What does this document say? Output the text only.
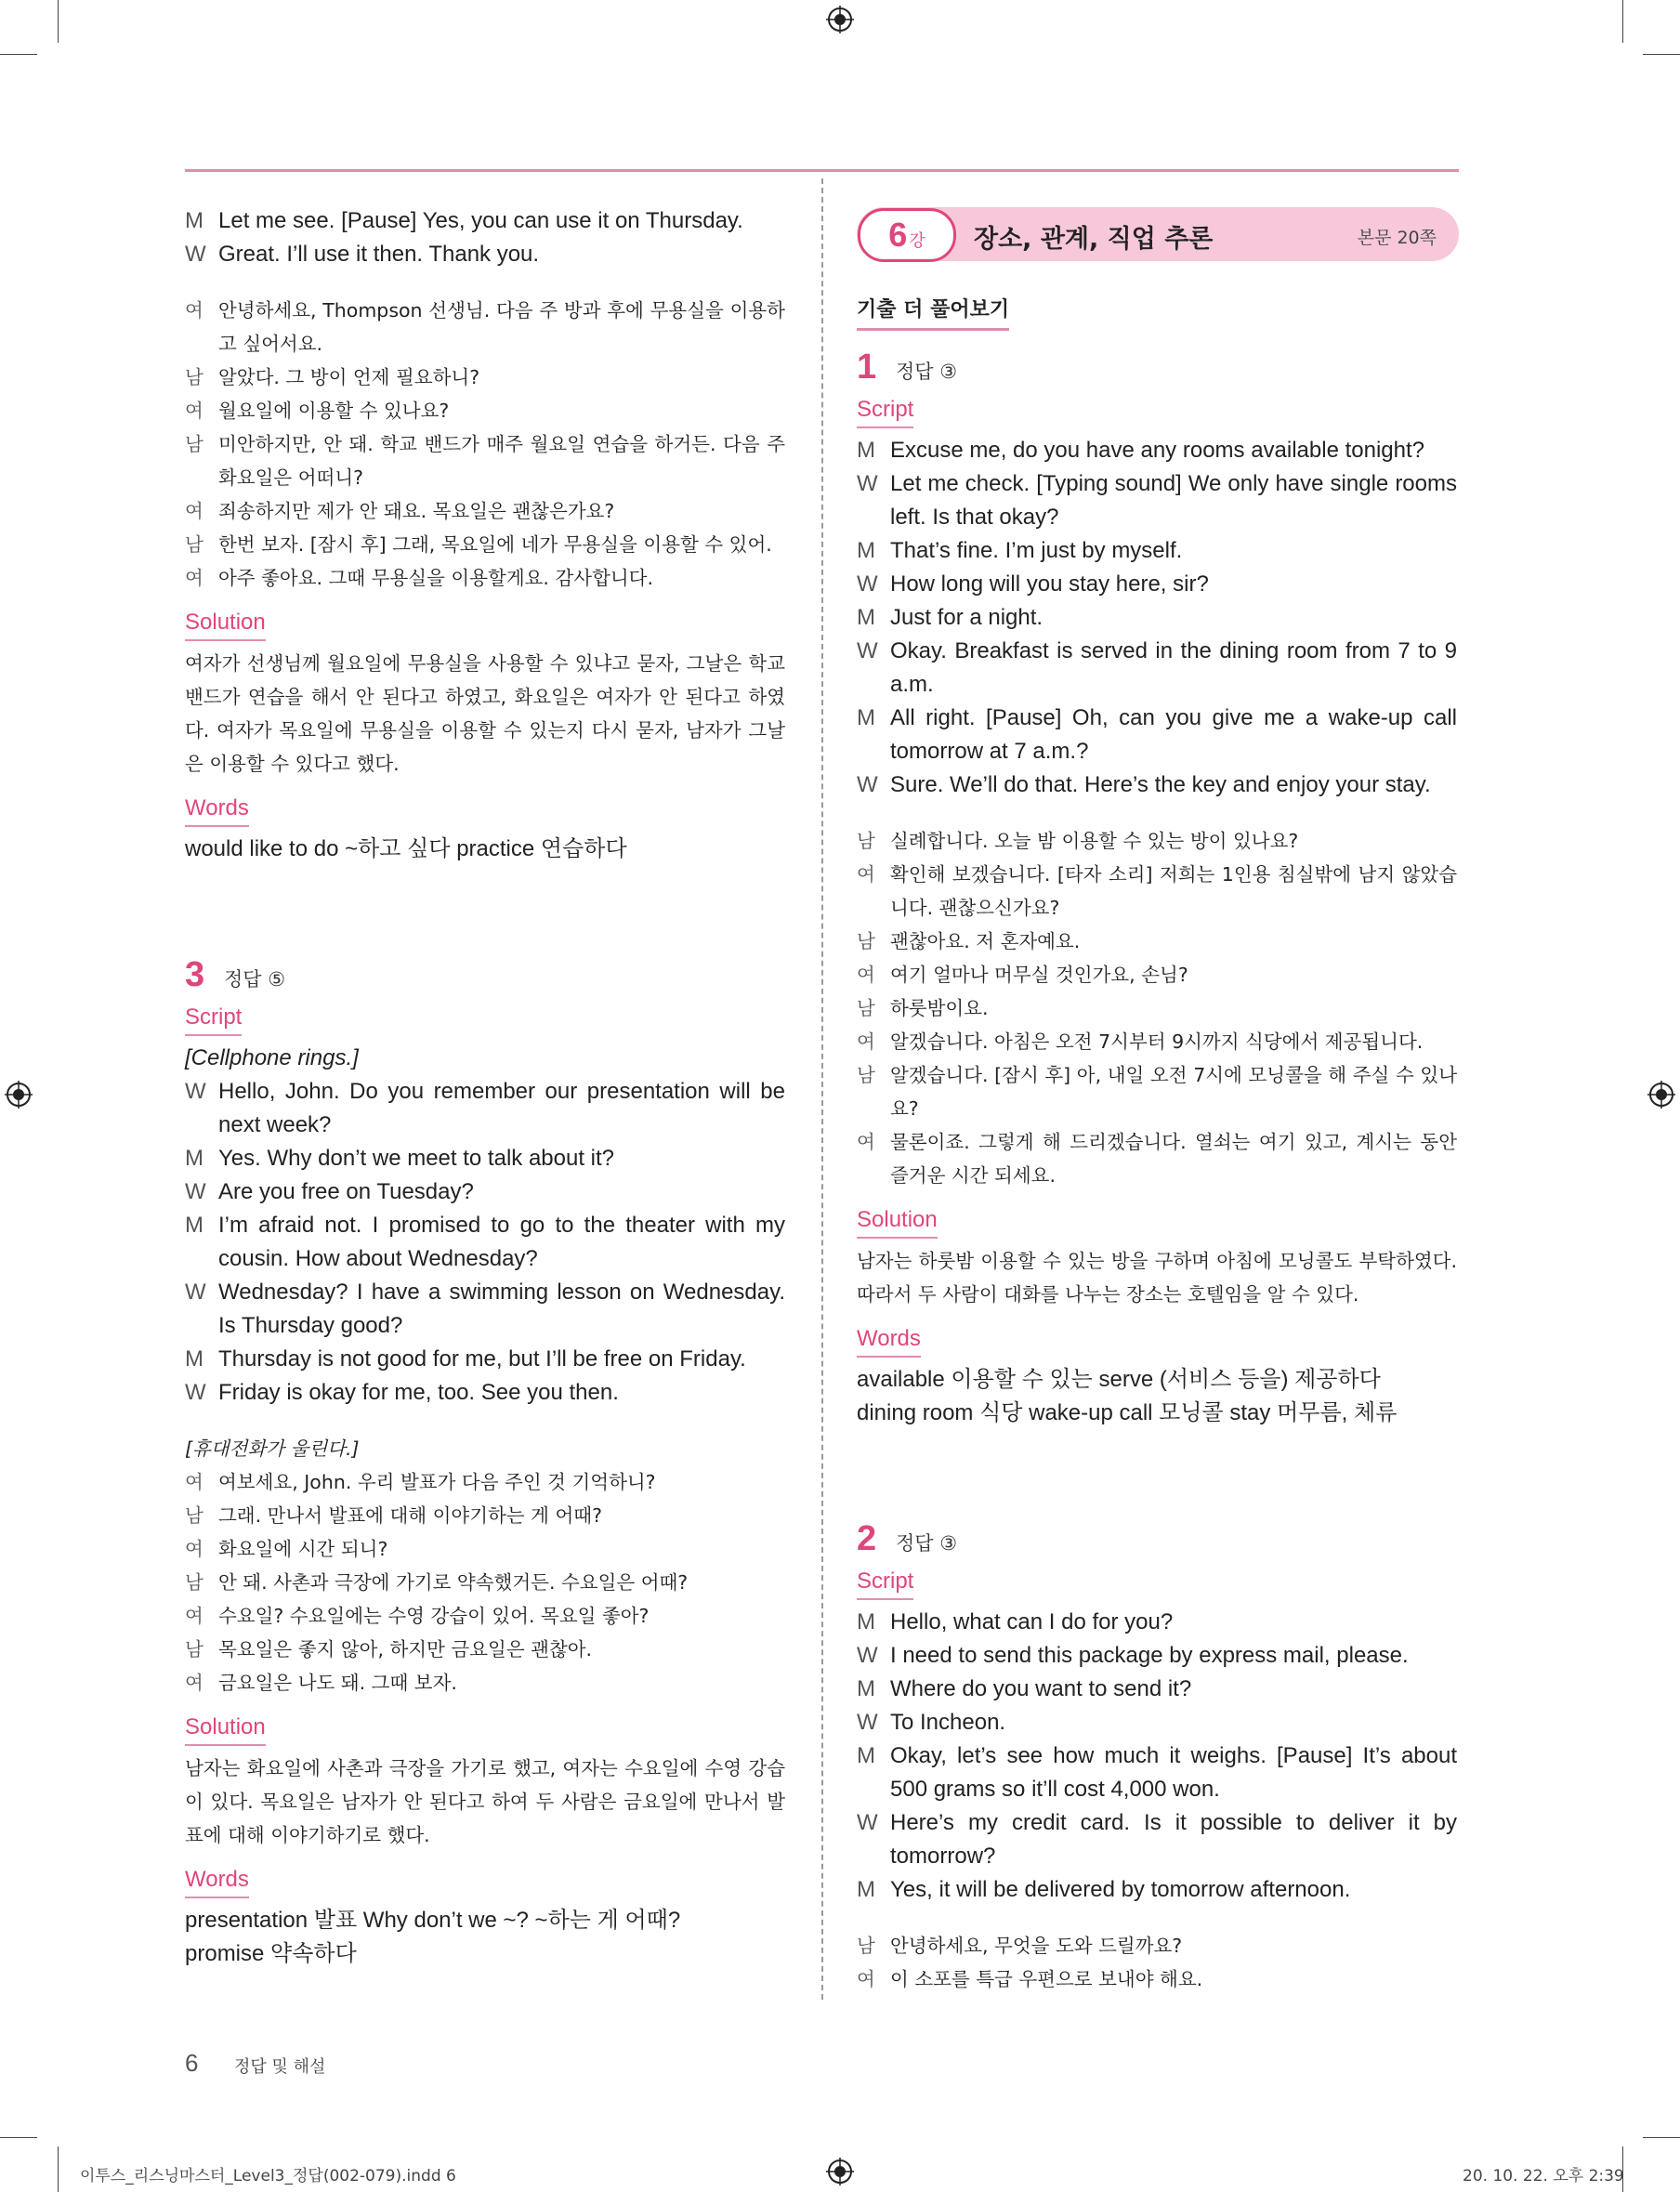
M Let me see. [Pause] Yes, you can use it on Thursday.
W Great. I’ll use it then. Thank you.
여 안녕하세요, Thompson 선생님. 다음 주 방과 후에 무용실을 이용하고 싶어서요.
남 알았다. 그 방이 언제 필요하니?
여 월요일에 이용할 수 있나요?
남 미안하지만, 안 돼. 학교 밴드가 매주 월요일 연습을 하거든. 다음 주 화요일은 어떠니?
여 죄송하지만 제가 안 돼요. 목요일은 괜찮은가요?
남 한번 보자. [잠시 후] 그래, 목요일에 네가 무용실을 이용할 수 있어.
여 아주 좋아요. 그때 무용실을 이용할게요. 감사합니다.
Solution
여자가 선생님께 월요일에 무용실을 사용할 수 있냐고 묻자, 그날은 학교 밴드가 연습을 해서 안 된다고 하였고, 화요일은 여자가 안 된다고 하였다. 여자가 목요일에 무용실을 이용할 수 있는지 다시 묻자, 남자가 그날은 이용할 수 있다고 했다.
Words
would like to do ~하고 싶다 practice 연습하다
3 정답 ⑤
Script
[Cellphone rings.]
W Hello, John. Do you remember our presentation will be next week?
M Yes. Why don’t we meet to talk about it?
W Are you free on Tuesday?
M I’m afraid not. I promised to go to the theater with my cousin. How about Wednesday?
W Wednesday? I have a swimming lesson on Wednesday. Is Thursday good?
M Thursday is not good for me, but I’ll be free on Friday.
W Friday is okay for me, too. See you then.
[휴대전화가 울린다.]
여 여보세요, John. 우리 발표가 다음 주인 것 기억하니?
남 그래. 만나서 발표에 대해 이야기하는 게 어때?
여 화요일에 시간 되니?
남 안 돼. 사촌과 극장에 가기로 약속했거든. 수요일은 어때?
여 수요일? 수요일에는 수영 강습이 있어. 목요일 좋아?
남 목요일은 좋지 않아, 하지만 금요일은 괜찮아.
여 금요일은 나도 돼. 그때 보자.
Solution
남자는 화요일에 사촌과 극장을 가기로 했고, 여자는 수요일에 수영 강습이 있다. 목요일은 남자가 안 된다고 하여 두 사람은 금요일에 만나서 발표에 대해 이야기하기로 했다.
Words
presentation 발표 Why don’t we ~? ~하는 게 어때?
promise 약속하다
6 강 장소, 관계, 직업 추론	본문 20쪽
기출 더 풀어보기
1 정답 ③
Script
M Excuse me, do you have any rooms available tonight?
W Let me check. [Typing sound] We only have single rooms left. Is that okay?
M That’s fine. I’m just by myself.
W How long will you stay here, sir?
M Just for a night.
W Okay. Breakfast is served in the dining room from 7 to 9 a.m.
M All right. [Pause] Oh, can you give me a wake-up call tomorrow at 7 a.m.?
W Sure. We’ll do that. Here’s the key and enjoy your stay.
남 실례합니다. 오늘 밤 이용할 수 있는 방이 있나요?
여 확인해 보겠습니다. [타자 소리] 저희는 1인용 침실밖에 남지 않았습니다. 괜찮으신가요?
남 괜찮아요. 저 혼자예요.
여 여기 얼마나 머무실 것인가요, 손님?
남 하룻밤이요.
여 알겠습니다. 아침은 오전 7시부터 9시까지 식당에서 제공됩니다.
남 알겠습니다. [잠시 후] 아, 내일 오전 7시에 모닝콜을 해 주실 수 있나요?
여 물론이죠. 그렇게 해 드리겠습니다. 열쇠는 여기 있고, 계시는 동안 즐거운 시간 되세요.
Solution
남자는 하룻밤 이용할 수 있는 방을 구하며 아침에 모닝콜도 부탁하였다. 따라서 두 사람이 대화를 나누는 장소는 호텔임을 알 수 있다.
Words
available 이용할 수 있는 serve (서비스 등을) 제공하다
dining room 식당 wake-up call 모닝콜 stay 머무름, 체류
2 정답 ③
Script
M Hello, what can I do for you?
W I need to send this package by express mail, please.
M Where do you want to send it?
W To Incheon.
M Okay, let’s see how much it weighs. [Pause] It’s about 500 grams so it’ll cost 4,000 won.
W Here’s my credit card. Is it possible to deliver it by tomorrow?
M Yes, it will be delivered by tomorrow afternoon.
남 안녕하세요, 무엇을 도와 드릴까요?
여 이 소포를 특급 우편으로 보내야 해요.
6 정답 및 해설
이투스_리스닝마스터_Level3_정답(002-079).indd 6	20. 10. 22. 오후 2:39
